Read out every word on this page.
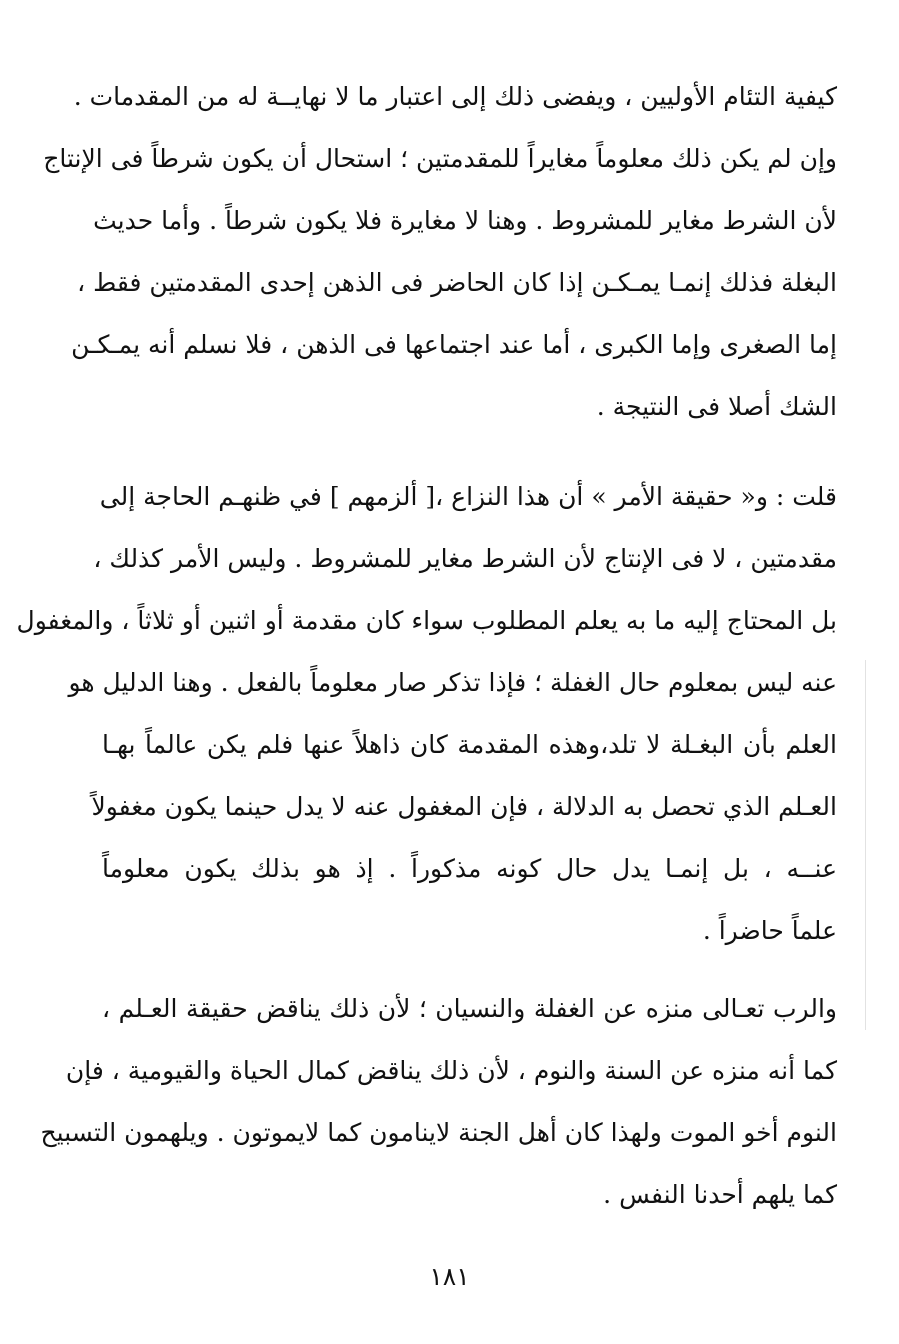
كيفية التئام الأوليين ، ويفضى ذلك إلى اعتبار ما لا نهايــة له من المقدمات .
وإن لم يكن ذلك معلوماً مغايراً للمقدمتين ؛ استحال أن يكون شرطاً فى الإنتاج
لأن الشرط مغاير للمشروط . وهنا لا مغايرة فلا يكون شرطاً . وأما حديث
البغلة فذلك إنمـا يمـكـن إذا كان الحاضر فى الذهن إحدى المقدمتين فقط ،
إما الصغرى وإما الكبرى ، أما عند اجتماعها فى الذهن ، فلا نسلم أنه يمـكـن
الشك أصلا فى النتيجة .
قلت : و« حقيقة الأمر » أن هذا النزاع ،[ ألزمهم ] في ظنهـم الحاجة إلى
مقدمتين ، لا فى الإنتاج لأن الشرط مغاير للمشروط . وليس الأمر كذلك ،
بل المحتاج إليه ما به يعلم المطلوب سواء كان مقدمة أو اثنين أو ثلاثاً ، والمغفول
عنه ليس بمعلوم حال الغفلة ؛ فإذا تذكر صار معلوماً بالفعل . وهنا الدليل هو
العلم بأن البغـلة لا تلد،وهذه المقدمة كان ذاهلاً عنها فلم يكن عالماً بهـا
العـلم الذي تحصل به الدلالة ، فإن المغفول عنه لا يدل حينما يكون مغفولاً
عنــه ، بل إنمـا يدل حال كونه مذكوراً . إذ هو بذلك يكون معلوماً
علماً حاضراً .
والرب تعـالى منزه عن الغفلة والنسيان ؛ لأن ذلك يناقض حقيقة العـلم ،
كما أنه منزه عن السنة والنوم ، لأن ذلك يناقض كمال الحياة والقيومية ، فإن
النوم أخو الموت ولهذا كان أهل الجنة لاينامون كما لايموتون . ويلهمون التسبيح
كما يلهم أحدنا النفس .
١٨١
